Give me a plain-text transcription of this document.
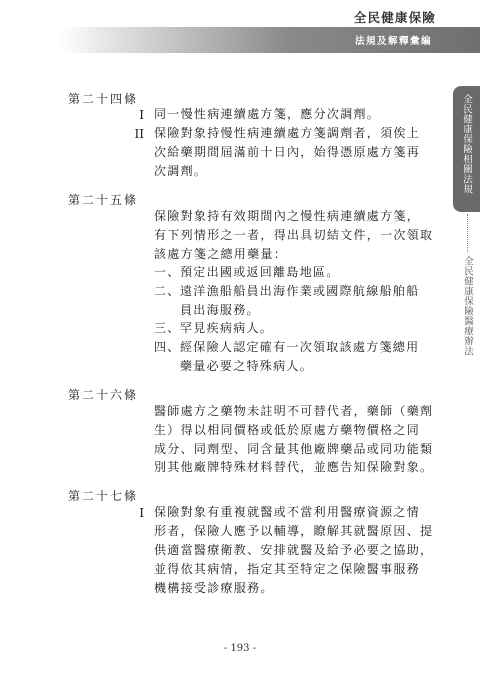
全民健康保險
法規及解釋彙編
全民健康保險相關法規
全民健康保險醫療辦法
第二十四條
I 同一慢性病連續處方箋，應分次調劑。
II 保險對象持慢性病連續處方箋調劑者，須俟上
次給藥期間屆滿前十日內，始得憑原處方箋再
次調劑。
第二十五條
保險對象持有效期間內之慢性病連續處方箋，
有下列情形之一者，得出具切結文件，一次領取
該處方箋之總用藥量：
一、 預定出國或返回離島地區。
二、 遠洋漁船船員出海作業或國際航線船舶船
員出海服務。
三、 罕見疾病病人。
四、 經保險人認定確有一次領取該處方箋總用
藥量必要之特殊病人。
第二十六條
醫師處方之藥物未註明不可替代者，藥師（藥劑
生）得以相同價格或低於原處方藥物價格之同
成分、同劑型、同含量其他廠牌藥品或同功能類
別其他廠牌特殊材料替代，並應告知保險對象。
第二十七條
I 保險對象有重複就醫或不當利用醫療資源之情
形者，保險人應予以輔導，瞭解其就醫原因、提
供適當醫療衛教、安排就醫及給予必要之協助，
並得依其病情，指定其至特定之保險醫事服務
機構接受診療服務。
- 193 -
